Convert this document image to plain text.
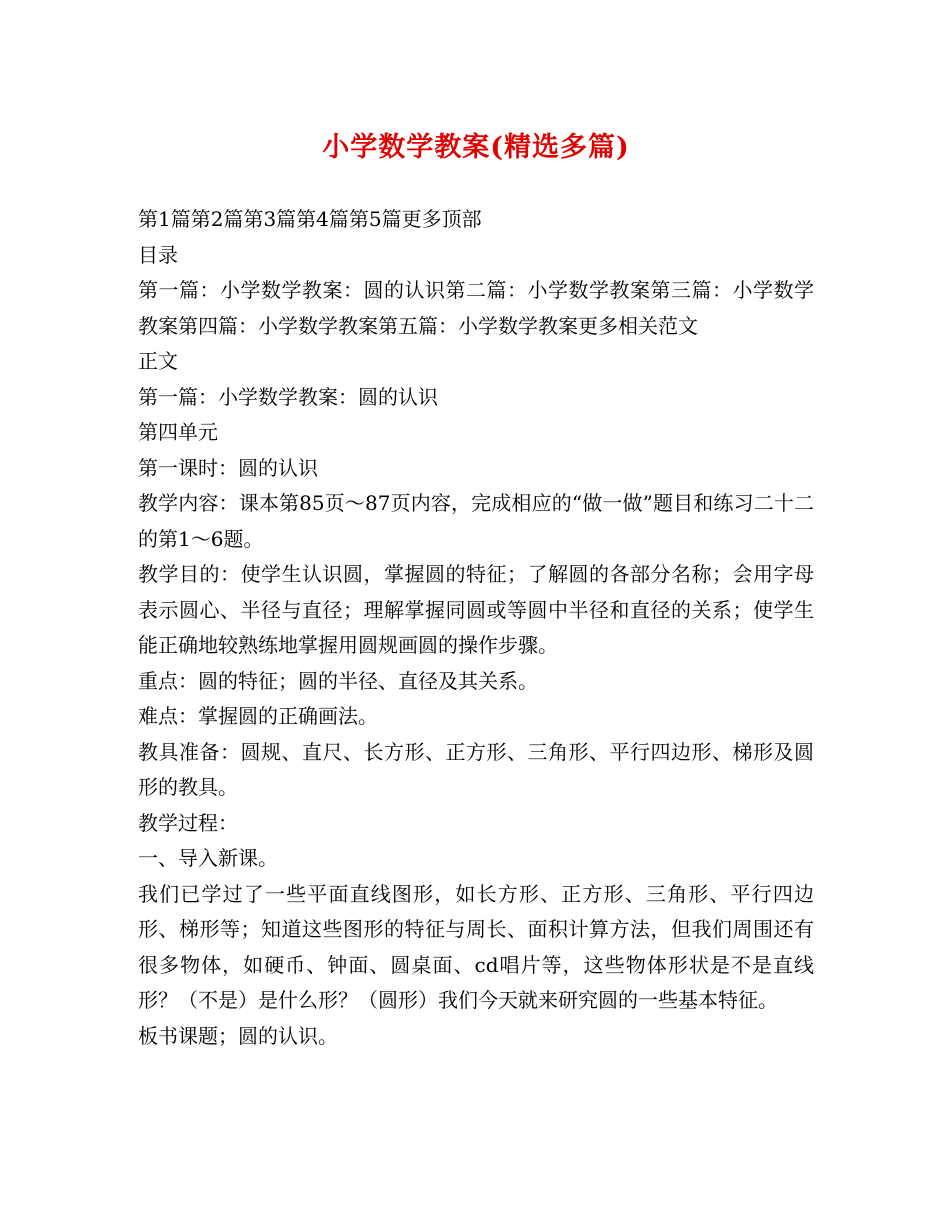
小学数学教案(精选多篇)

第1篇第2篇第3篇第4篇第5篇更多顶部

目录

第一篇：小学数学教案：圆的认识第二篇：小学数学教案第三篇：小学数学教案第四篇：小学数学教案第五篇：小学数学教案更多相关范文

正文

第一篇：小学数学教案：圆的认识

第四单元

第一课时：圆的认识

教学内容：课本第85页～87页内容，完成相应的“做一做”题目和练习二十二的第1～6题。

教学目的：使学生认识圆，掌握圆的特征；了解圆的各部分名称；会用字母表示圆心、半径与直径；理解掌握同圆或等圆中半径和直径的关系；使学生能正确地较熟练地掌握用圆规画圆的操作步骤。

重点：圆的特征；圆的半径、直径及其关系。

难点：掌握圆的正确画法。

教具准备：圆规、直尺、长方形、正方形、三角形、平行四边形、梯形及圆形的教具。

教学过程：

一、导入新课。

我们已学过了一些平面直线图形，如长方形、正方形、三角形、平行四边形、梯形等；知道这些图形的特征与周长、面积计算方法，但我们周围还有很多物体，如硬币、钟面、圆桌面、cd唱片等，这些物体形状是不是直线形？（不是）是什么形？（圆形）我们今天就来研究圆的一些基本特征。

板书课题；圆的认识。
